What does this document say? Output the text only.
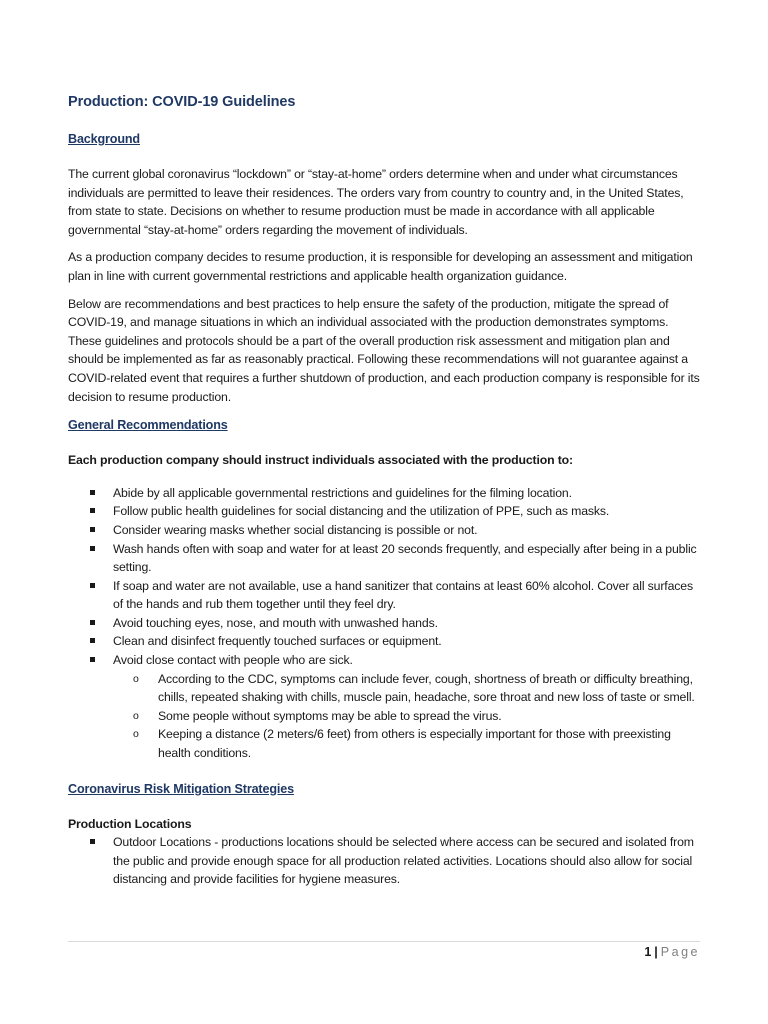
Production: COVID-19 Guidelines
Background

The current global coronavirus “lockdown” or “stay-at-home” orders determine when and under what circumstances individuals are permitted to leave their residences. The orders vary from country to country and, in the United States, from state to state. Decisions on whether to resume production must be made in accordance with all applicable governmental “stay-at-home” orders regarding the movement of individuals.

As a production company decides to resume production, it is responsible for developing an assessment and mitigation plan in line with current governmental restrictions and applicable health organization guidance.

Below are recommendations and best practices to help ensure the safety of the production, mitigate the spread of COVID-19, and manage situations in which an individual associated with the production demonstrates symptoms. These guidelines and protocols should be a part of the overall production risk assessment and mitigation plan and should be implemented as far as reasonably practical. Following these recommendations will not guarantee against a COVID-related event that requires a further shutdown of production, and each production company is responsible for its decision to resume production.

General Recommendations

Each production company should instruct individuals associated with the production to:

Abide by all applicable governmental restrictions and guidelines for the filming location.
Follow public health guidelines for social distancing and the utilization of PPE, such as masks.
Consider wearing masks whether social distancing is possible or not.
Wash hands often with soap and water for at least 20 seconds frequently, and especially after being in a public setting.
If soap and water are not available, use a hand sanitizer that contains at least 60% alcohol. Cover all surfaces of the hands and rub them together until they feel dry.
Avoid touching eyes, nose, and mouth with unwashed hands.
Clean and disinfect frequently touched surfaces or equipment.
Avoid close contact with people who are sick.
o According to the CDC, symptoms can include fever, cough, shortness of breath or difficulty breathing, chills, repeated shaking with chills, muscle pain, headache, sore throat and new loss of taste or smell.
o Some people without symptoms may be able to spread the virus.
o Keeping a distance (2 meters/6 feet) from others is especially important for those with preexisting health conditions.
Coronavirus Risk Mitigation Strategies
Production Locations
Outdoor Locations - productions locations should be selected where access can be secured and isolated from the public and provide enough space for all production related activities. Locations should also allow for social distancing and provide facilities for hygiene measures.
1 | Page
